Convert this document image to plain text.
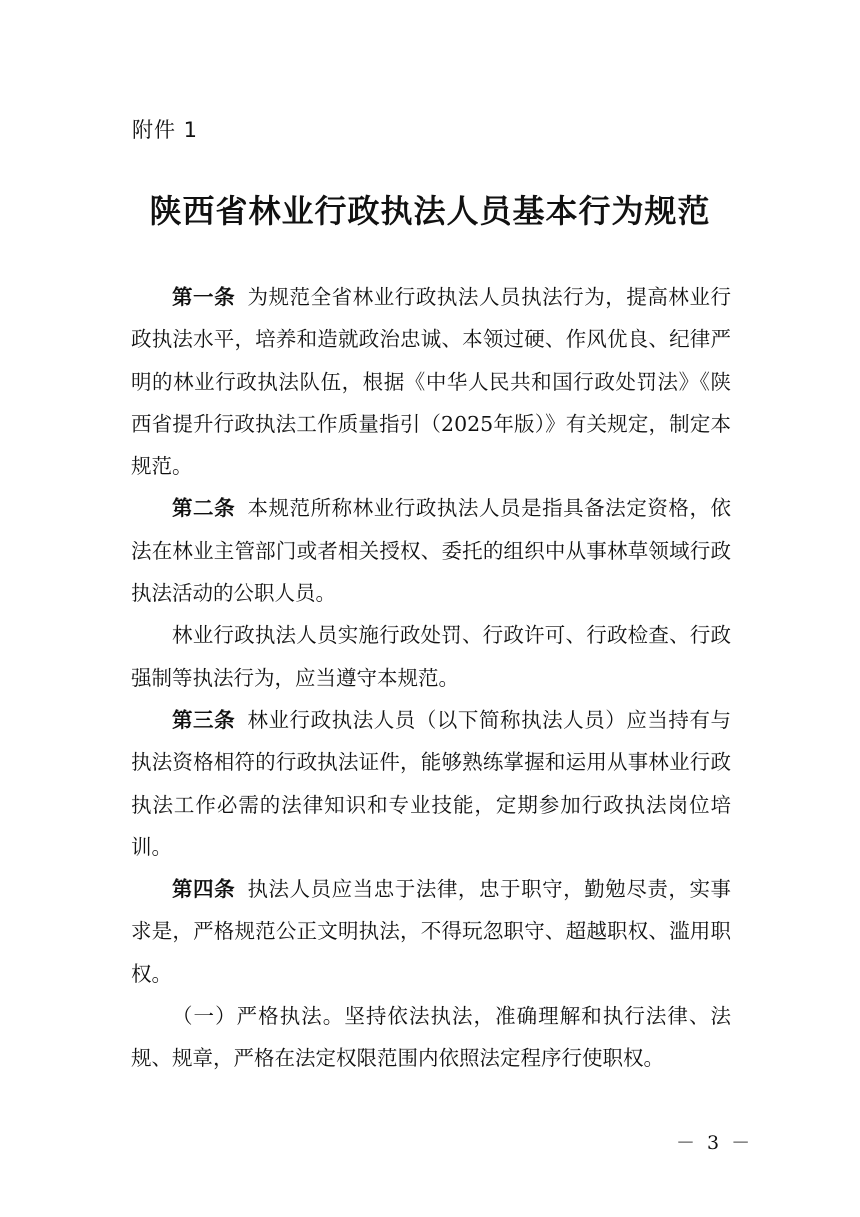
附件 1
陕西省林业行政执法人员基本行为规范

第一条 为规范全省林业行政执法人员执法行为，提高林业行政执法水平，培养和造就政治忠诚、本领过硬、作风优良、纪律严明的林业行政执法队伍，根据《中华人民共和国行政处罚法》《陕西省提升行政执法工作质量指引（2025年版）》有关规定，制定本规范。

第二条 本规范所称林业行政执法人员是指具备法定资格，依法在林业主管部门或者相关授权、委托的组织中从事林草领域行政执法活动的公职人员。

林业行政执法人员实施行政处罚、行政许可、行政检查、行政强制等执法行为，应当遵守本规范。

第三条 林业行政执法人员（以下简称执法人员）应当持有与执法资格相符的行政执法证件，能够熟练掌握和运用从事林业行政执法工作必需的法律知识和专业技能，定期参加行政执法岗位培训。

第四条 执法人员应当忠于法律，忠于职守，勤勉尽责，实事求是，严格规范公正文明执法，不得玩忽职守、超越职权、滥用职权。

（一）严格执法。坚持依法执法，准确理解和执行法律、法规、规章，严格在法定权限范围内依照法定程序行使职权。

－ 3 －
